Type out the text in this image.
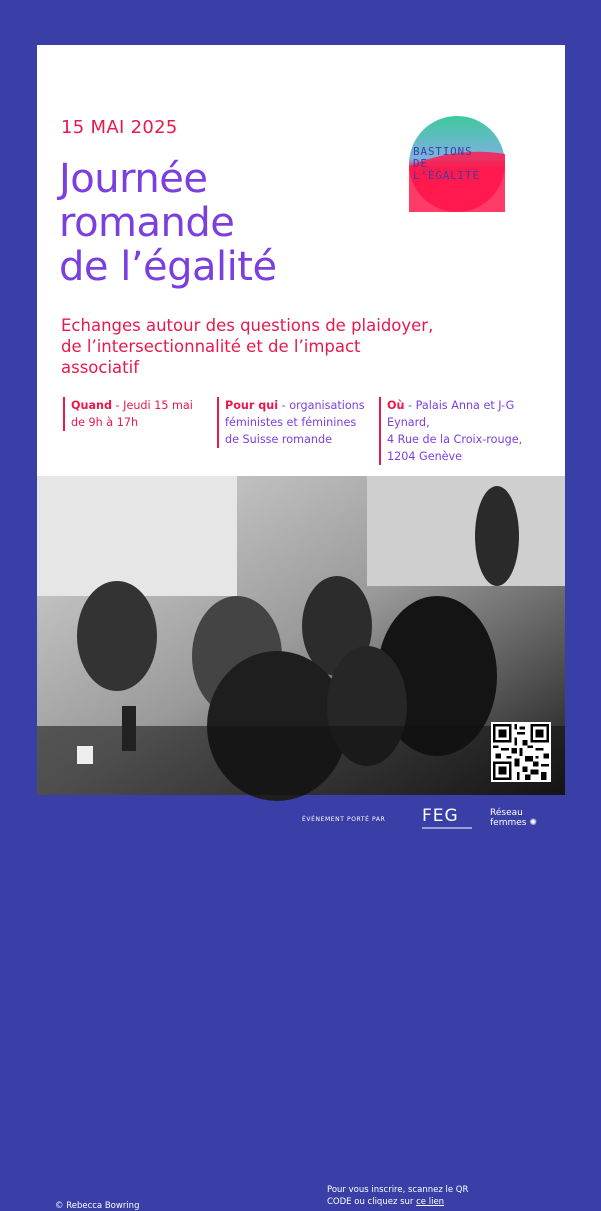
15 MAI 2025
Journée
romande
de l’égalité
BASTIONS
DE
L’ÉGALITÉ
Echanges autour des questions de plaidoyer, de l’intersectionnalité et de l’impact associatif
Quand - Jeudi 15 mai de 9h à 17h
Pour qui - organisations féministes et féminines de Suisse romande
Où - Palais Anna et J-G Eynard,
4 Rue de la Croix-rouge, 1204 Genève
© Rebecca Bowring
Pour vous inscrire, scannez le QR CODE ou cliquez sur ce lien
ÉVÉNEMENT PORTÉ PAR FEG	Réseau
femmes ✺
